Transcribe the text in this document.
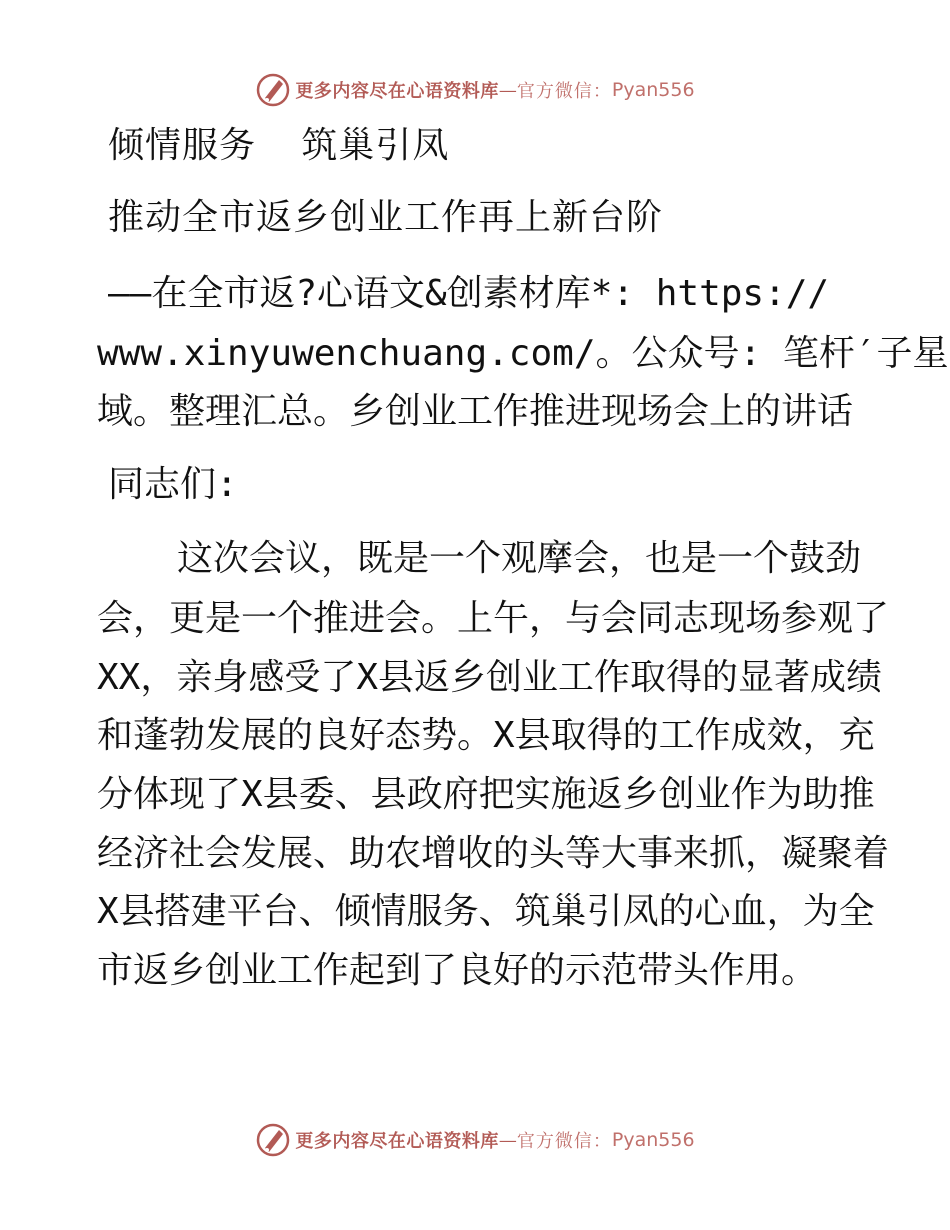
更多内容尽在心语资料库 — 官方微信： Pyan556
倾情服务  筑巢引凤
推动全市返乡创业工作再上新台阶
——在全市返?心语文&创素材库*: https://
www.xinyuwenchuang.com/。公众号: 笔杆′子星
域。整理汇总。乡创业工作推进现场会上的讲话
同志们:
这次会议，既是一个观摩会，也是一个鼓劲
会，更是一个推进会。上午，与会同志现场参观了
XX，亲身感受了X县返乡创业工作取得的显著成绩
和蓬勃发展的良好态势。X县取得的工作成效，充
分体现了X县委、县政府把实施返乡创业作为助推
经济社会发展、助农增收的头等大事来抓，凝聚着
X县搭建平台、倾情服务、筑巢引凤的心血，为全
市返乡创业工作起到了良好的示范带头作用。
更多内容尽在心语资料库 — 官方微信： Pyan556
